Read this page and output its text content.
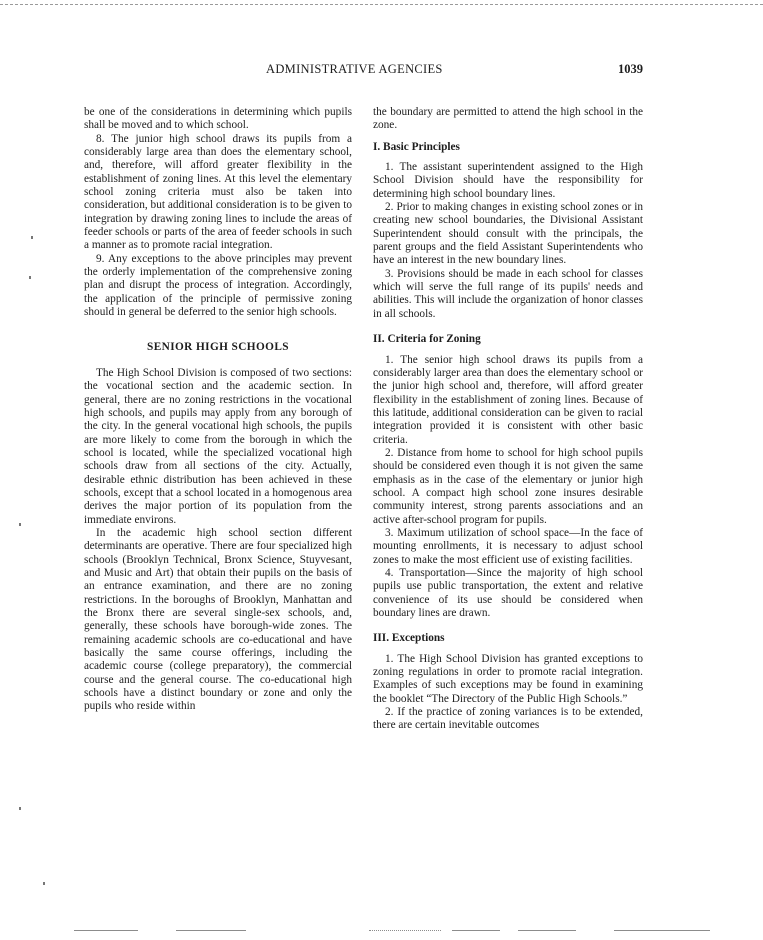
ADMINISTRATIVE AGENCIES	1039

be one of the considerations in determining which pupils shall be moved and to which school.

8. The junior high school draws its pupils from a considerably large area than does the elementary school, and, therefore, will afford greater flexibility in the establishment of zoning lines. At this level the elementary school zoning criteria must also be taken into consideration, but additional consideration is to be given to integration by drawing zoning lines to include the areas of feeder schools or parts of the area of feeder schools in such a manner as to promote racial integration.

9. Any exceptions to the above principles may prevent the orderly implementation of the comprehensive zoning plan and disrupt the process of integration. Accordingly, the application of the principle of permissive zoning should in general be deferred to the senior high schools.

SENIOR HIGH SCHOOLS

The High School Division is composed of two sections: the vocational section and the academic section. In general, there are no zoning restrictions in the vocational high schools, and pupils may apply from any borough of the city. In the general vocational high schools, the pupils are more likely to come from the borough in which the school is located, while the specialized vocational high schools draw from all sections of the city. Actually, desirable ethnic distribution has been achieved in these schools, except that a school located in a homogenous area derives the major portion of its population from the immediate environs.

In the academic high school section different determinants are operative. There are four specialized high schools (Brooklyn Technical, Bronx Science, Stuyvesant, and Music and Art) that obtain their pupils on the basis of an entrance examination, and there are no zoning restrictions. In the boroughs of Brooklyn, Manhattan and the Bronx there are several single-sex schools, and, generally, these schools have borough-wide zones. The remaining academic schools are co-educational and have basically the same course offerings, including the academic course (college preparatory), the commercial course and the general course. The co-educational high schools have a distinct boundary or zone and only the pupils who reside within

the boundary are permitted to attend the high school in the zone.

I. Basic Principles

1. The assistant superintendent assigned to the High School Division should have the responsibility for determining high school boundary lines.

2. Prior to making changes in existing school zones or in creating new school boundaries, the Divisional Assistant Superintendent should consult with the principals, the parent groups and the field Assistant Superintendents who have an interest in the new boundary lines.

3. Provisions should be made in each school for classes which will serve the full range of its pupils' needs and abilities. This will include the organization of honor classes in all schools.

II. Criteria for Zoning

1. The senior high school draws its pupils from a considerably larger area than does the elementary school or the junior high school and, therefore, will afford greater flexibility in the establishment of zoning lines. Because of this latitude, additional consideration can be given to racial integration provided it is consistent with other basic criteria.

2. Distance from home to school for high school pupils should be considered even though it is not given the same emphasis as in the case of the elementary or junior high school. A compact high school zone insures desirable community interest, strong parents associations and an active after-school program for pupils.

3. Maximum utilization of school space—In the face of mounting enrollments, it is necessary to adjust school zones to make the most efficient use of existing facilities.

4. Transportation—Since the majority of high school pupils use public transportation, the extent and relative convenience of its use should be considered when boundary lines are drawn.

III. Exceptions

1. The High School Division has granted exceptions to zoning regulations in order to promote racial integration. Examples of such exceptions may be found in examining the booklet “The Directory of the Public High Schools.”

2. If the practice of zoning variances is to be extended, there are certain inevitable outcomes
